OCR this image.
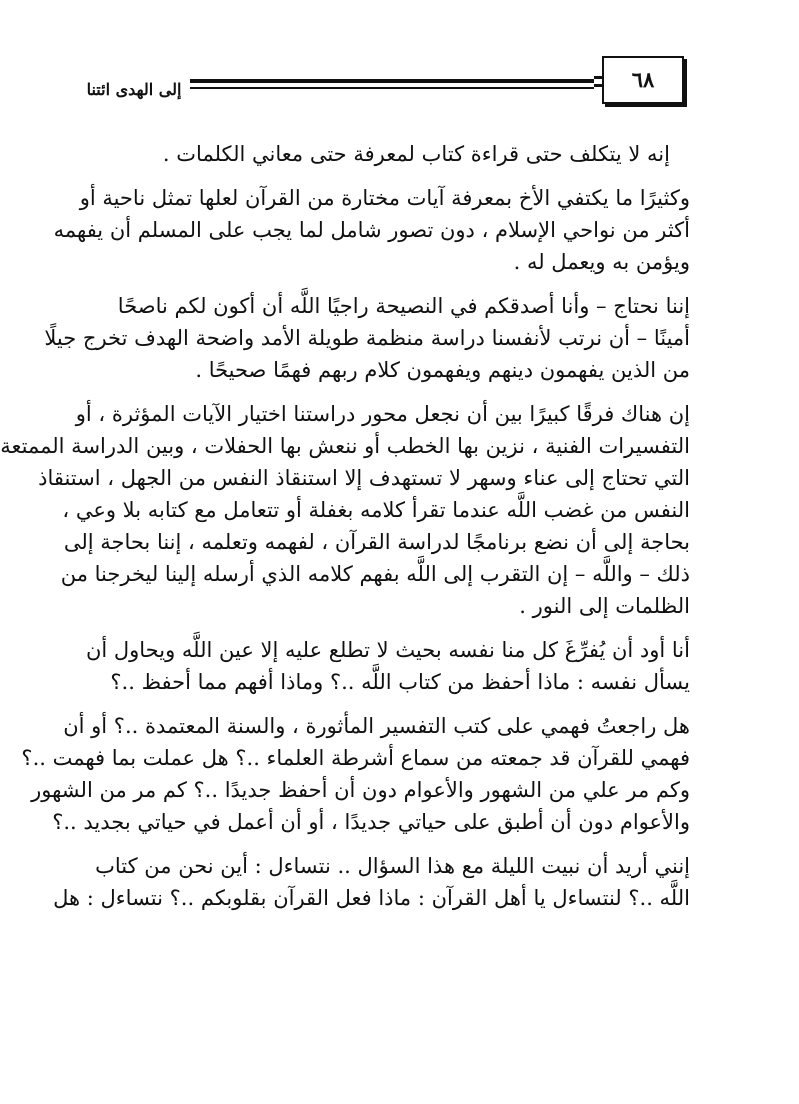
إلى الهدى ائتنا	٦٨

إنه لا يتكلف حتى قراءة كتاب لمعرفة حتى معاني الكلمات .

وكثيرًا ما يكتفي الأخ بمعرفة آيات مختارة من القرآن لعلها تمثل ناحية أو
أكثر من نواحي الإسلام ، دون تصور شامل لما يجب على المسلم أن يفهمه
ويؤمن به ويعمل له .

إننا نحتاج – وأنا أصدقكم في النصيحة راجيًا اللَّه أن أكون لكم ناصحًا
أمينًا – أن نرتب لأنفسنا دراسة منظمة طويلة الأمد واضحة الهدف تخرج جيلًا
من الذين يفهمون دينهم ويفهمون كلام ربهم فهمًا صحيحًا .

إن هناك فرقًا كبيرًا بين أن نجعل محور دراستنا اختيار الآيات المؤثرة ، أو
التفسيرات الفنية ، نزين بها الخطب أو ننعش بها الحفلات ، وبين الدراسة الممتعة
التي تحتاج إلى عناء وسهر لا تستهدف إلا استنقاذ النفس من الجهل ، استنقاذ
النفس من غضب اللَّه عندما تقرأ كلامه بغفلة أو تتعامل مع كتابه بلا وعي ،
بحاجة إلى أن نضع برنامجًا لدراسة القرآن ، لفهمه وتعلمه ، إننا بحاجة إلى
ذلك – واللَّه – إن التقرب إلى اللَّه بفهم كلامه الذي أرسله إلينا ليخرجنا من
الظلمات إلى النور .

أنا أود أن يُفرِّغَ كل منا نفسه بحيث لا تطلع عليه إلا عين اللَّه ويحاول أن
يسأل نفسه : ماذا أحفظ من كتاب اللَّه ..؟ وماذا أفهم مما أحفظ ..؟

هل راجعتُ فهمي على كتب التفسير المأثورة ، والسنة المعتمدة ..؟ أو أن
فهمي للقرآن قد جمعته من سماع أشرطة العلماء ..؟ هل عملت بما فهمت ..؟
وكم مر علي من الشهور والأعوام دون أن أحفظ جديدًا ..؟ كم مر من الشهور
والأعوام دون أن أطبق على حياتي جديدًا ، أو أن أعمل في حياتي بجديد ..؟

إنني أريد أن نبيت الليلة مع هذا السؤال .. نتساءل : أين نحن من كتاب
اللَّه ..؟ لنتساءل يا أهل القرآن : ماذا فعل القرآن بقلوبكم ..؟ نتساءل : هل
